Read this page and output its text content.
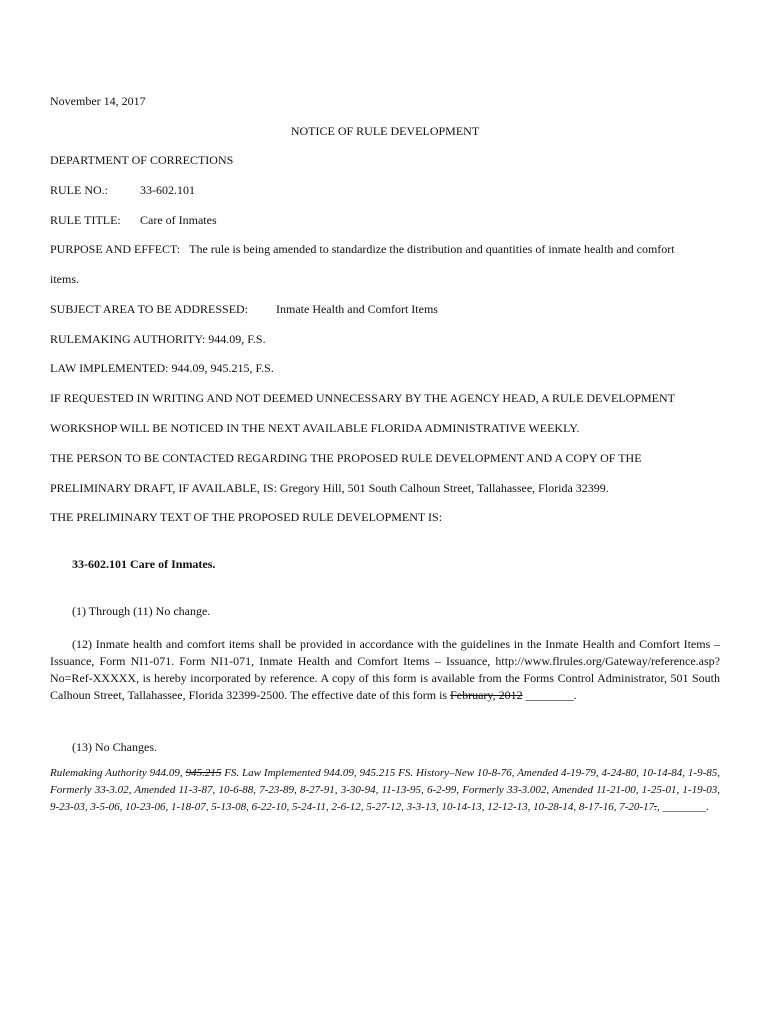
November 14, 2017
NOTICE OF RULE DEVELOPMENT
DEPARTMENT OF CORRECTIONS
RULE NO.:	33-602.101
RULE TITLE: Care of Inmates
PURPOSE AND EFFECT: The rule is being amended to standardize the distribution and quantities of inmate health and comfort
items.
SUBJECT AREA TO BE ADDRESSED: Inmate Health and Comfort Items
RULEMAKING AUTHORITY: 944.09, F.S.
LAW IMPLEMENTED: 944.09, 945.215, F.S.
IF REQUESTED IN WRITING AND NOT DEEMED UNNECESSARY BY THE AGENCY HEAD, A RULE DEVELOPMENT
WORKSHOP WILL BE NOTICED IN THE NEXT AVAILABLE FLORIDA ADMINISTRATIVE WEEKLY.
THE PERSON TO BE CONTACTED REGARDING THE PROPOSED RULE DEVELOPMENT AND A COPY OF THE
PRELIMINARY DRAFT, IF AVAILABLE, IS: Gregory Hill, 501 South Calhoun Street, Tallahassee, Florida 32399.
THE PRELIMINARY TEXT OF THE PROPOSED RULE DEVELOPMENT IS:
33-602.101 Care of Inmates.
(1) Through (11) No change.
(12) Inmate health and comfort items shall be provided in accordance with the guidelines in the Inmate Health and Comfort Items – Issuance, Form NI1-071. Form NI1-071, Inmate Health and Comfort Items – Issuance, http://www.flrules.org/Gateway/reference.asp?No=Ref-XXXXX, is hereby incorporated by reference. A copy of this form is available from the Forms Control Administrator, 501 South Calhoun Street, Tallahassee, Florida 32399-2500. The effective date of this form is February, 2012 ________.
(13) No Changes.
Rulemaking Authority 944.09, 945.215 FS. Law Implemented 944.09, 945.215 FS. History–New 10-8-76, Amended 4-19-79, 4-24-80, 10-14-84, 1-9-85, Formerly 33-3.02, Amended 11-3-87, 10-6-88, 7-23-89, 8-27-91, 3-30-94, 11-13-95, 6-2-99, Formerly 33-3.002, Amended 11-21-00, 1-25-01, 1-19-03, 9-23-03, 3-5-06, 10-23-06, 1-18-07, 5-13-08, 6-22-10, 5-24-11, 2-6-12, 5-27-12, 3-3-13, 10-14-13, 12-12-13, 10-28-14, 8-17-16, 7-20-17., ________.
